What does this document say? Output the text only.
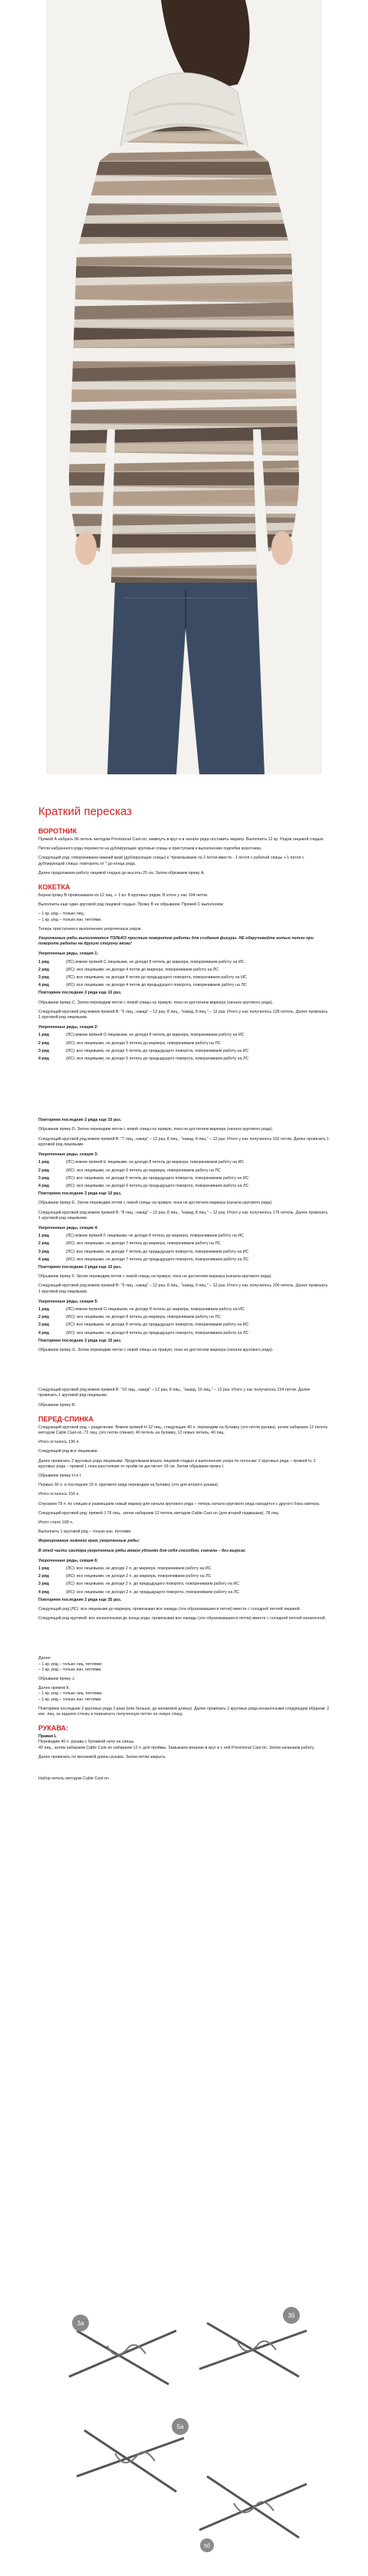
Краткий пересказ
ВОРОТНИК
Прямой А набрать 96 петель методом Provisional Cast-on, замкнуть в круг и в начале ряда поставить маркер. Выполнить 12 кр. Рядов лицевой гладью.
Петли набранного ряда перевести на дублирующие круговые спицы и приступаем к выполнению подгибки воротника.
Следующий ряд: отворачиваем нижний край (дублирующие спицы) к "провязываем по 2 петли вместе - 1 петля с рабочей спицы + 1 петля с дублирующей спицы: повторить от * до конца ряда.
Далее продолжаем работу лицевой гладью до высоты 25 см. Затем обрываем пряжу А.
КОКЕТКА
Берем пряжу В провязываем из 12 лиц. + 1 из. 8 круговых рядов. В итоге у нас 104 петли.
Выполнить еще один круговой ряд лицевой гладью. Пряжу В не обрываем. Пряжей С выполняем:
– 1 кр. ряд – только лиц.;
– 1 кр. ряд – только изн. петлями.
Теперь приступаем к выполнению укороченных рядов.
Укороченные ряды выполняются ТОЛЬКО простым поворотом работы для создания фигуры. НЕ обкручивайте нитью петли при повороте работы на другую сторону вязки!
Укороченные ряды, секция 1:
1 ряд	(ЛС) вяжем пряжей С лицевыми, не доходя 8 петель до маркера, поворачиваем работу на ИС.
2 ряд	(ИС): все лицевыми, не доходя 4 петли до маркера, поворачиваем работу на ЛС
3 ряд	(ЛС): все лицевыми, не доходя 4 петли до предыдущего поворота, поворачиваем работу на ИС
4 ряд	(ИС): все лицевыми, не доходя 4 петли до предыдущего поворота, поворачиваем работу на ЛС
Повторяем последние 2 ряда еще 10 раз.
Обрываем пряжу С. Затем переводим петли с левой спицы на правую, пока не достигнем маркера (начала кругового ряда).
Следующий круговой ряд вяжем пряжей В: "6 лиц., накид" – 12 раз, 8 лиц., "накид, 8 лиц." – 12 раз. Итого у нас получилось 128 петель. Далее провязать 1 круговой ряд лицевыми.
Укороченные ряды, секция 2:
1 ряд	(ЛС) вяжем пряжей D лицевыми, не доходя 8 петель до маркера, поворачиваем работу на ИС
2 ряд	(ИС): все лицевыми, не доходя 5 петель до маркера, поворачиваем работу на ЛС
3 ряд	(ЛС): все лицевыми, не доходя 5 петель до предыдущего поворота, поворачиваем работу на ИС
4 ряд	(ИС): все лицевыми, не доходя 5 петель до предыдущего поворота, поворачиваем работу на ЛС
Повторяем последние 2 ряда еще 10 раз.
Обрываем пряжу D. Затем переводим петли с левой спицы на правую, пока не достигнем маркера (начала кругового ряда).
Следующий круговой ряд вяжем пряжей В: "7 лиц., накид" – 12 раз, 8 лиц., "накид, 8 лиц." – 12 раз. Итого у нас получилось 152 петли. Далее провязать 1 круговой ряд лицевыми.
Укороченные ряды, секция 3:
1 ряд	(ЛС) вяжем пряжей Е лицевыми, не доходя 8 петель до маркера, поворачиваем работу на ИС
2 ряд	(ИС): все лицевыми, не доходя 6 петель до маркера, поворачиваем работу на ЛС
3 ряд	(ЛС): все лицевыми, не доходя 6 петель до предыдущего поворота, поворачиваем работу на ИС
4 ряд	(ИС): все лицевыми, не доходя 6 петель до предыдущего поворота, поворачиваем работу на ЛС
Повторяем последние 2 ряда еще 10 раз.
Обрываем пряжу Е. Затем переводим петли с левой спицы на правую, пока не достигнем маркера (начала кругового ряда).
Следующий круговой ряд вяжем пряжей В: "8 лиц., накид" – 12 раз, 8 лиц., "накид, 8 лиц." – 12 раз. Итого у нас получилось 176 петель. Далее провязать 1 круговой ряд лицевыми.
Укороченные ряды, секция 4:
1 ряд	(ЛС) вяжем пряжей F лицевыми, не доходя 8 петель до маркера, поворачиваем работу на ИС
2 ряд	(ИС): все лицевыми, не доходя 7 петель до маркера, поворачиваем работу на ЛС
3 ряд	(ЛС): все лицевыми, не доходя 7 петель до предыдущего поворота, поворачиваем работу на ИС
4 ряд	(ИС): все лицевыми, не доходя 7 петель до предыдущего поворота, поворачиваем работу на ЛС
Повторяем последние 2 ряда еще 10 раз.
Обрываем пряжу F. Затем переводим петли с левой спицы на правую, пока не достигнем маркера (начала кругового ряда).
Следующий круговой ряд вяжем пряжей В: "9 лиц., накид" – 12 раз, 8 лиц., "накид, 9 лиц." – 12 раз. Итого у нас получилось 200 петель. Далее провязать 1 круговой ряд лицевыми.
Укороченные ряды, секция 5:
1 ряд	(ЛС) вяжем пряжей G лицевыми, не доходя 8 петель до маркера, поворачиваем работу на ИС
2 ряд	(ИС): все лицевыми, не доходя 8 петель до маркера, поворачиваем работу на ЛС
3 ряд	(ЛС): все лицевыми, не доходя 8 петель до предыдущего поворота, поворачиваем работу на ИС
4 ряд	(ИС): все лицевыми, не доходя 8 петель до предыдущего поворота, поворачиваем работу на ЛС
Повторяем последние 2 ряда еще 10 раз.
Обрываем пряжу G. Затем переводим петли с левой спицы на правую, пока не достигнем маркера (начала кругового ряда).
Следующий круговой ряд вяжем пряжей В: "10 лиц., накид" – 12 раз, 8 лиц., "накид, 10 лиц." – 12 раз. Итого у нас получилось 224 петли. Далее провязать 1 круговой ряд лицевыми.
Обрываем пряжу В.
ПЕРЕД-СПИНКА
Следующий круговой ряд – разделение. Вяжем пряжей Н 32 лиц., следующие 40 п. переводим на булавку (это петли рукава), затем набираем 12 петель методом Cable Cast-on, 72 лиц. (это петли спинки), 40 петель на булавку, 12 новых петель, 40 лиц.
Итого осталось 196 п.
Следующий ряд все лицевыми.
Далее провязать 2 круговых ряда лицевыми. Продолжаем вязать лицевой гладью и выполнение узора по полосам: 2 круговых ряда – пряжей Н, 2 круговых ряда – пряжей I, пока расстояние от пройм не достигнет 16 см. Затем обрываем пряжу I.
Обрываем пряжу Н и I.
Первые 30 п. и последние 20 п. кругового ряда переводим на булавку (это для второго рукава).
Итого осталось 156 п.
Спускаем 78 п. по спицам и размещаем новый маркер для начала кругового ряда – теперь начало кругового ряда находится с другого бока свитера.
Следующий круговой ряд: пряжей J 78 лиц., затем набираем 12 петель методом Cable Cast-on (для второй подмышки), 78 лиц.
Итого стало 168 п.
Выполнить 1 круговой ряд – только изн. петлями.
Формирование нижнего края, укороченные ряды:
В этой части свитера укороченные ряды вяжем удлинён для себя способом, сначала – без выреза:
Укороченные ряды, секция 6:
1 ряд	(ЛС): все лицевыми, не доходя 2 п. до маркера, поворачиваем работу на ИС
2 ряд	(ИС): все лицевыми, не доходя 2 п. до маркера, поворачиваем работу на ЛС
3 ряд	(ЛС): все лицевыми, не доходя 2 п. до предыдущего поворота, поворачиваем работу на ИС
4 ряд	(ИС): все лицевыми, не доходя 2 п. до предыдущего поворота, поворачиваем работу на ЛС
Повторяем последние 2 ряда еще 35 раз.
Следующий ряд (ЛС): все лицевыми до маркера, провязывая все накиды (эти образовавшиеся петли) вместе с соседней петлей лицевой.
Следующий ряд круговой: все изнаночными до конца ряда, провязывая все накиды (эти образовавшиеся петли) вместе с соседней петлей изнаночной.
Далее:
– 1 кр. ряд – только лиц. петлями;
– 1 кр. ряд – только изн. петлями.
Обрываем пряжу J.
Далее пряжей К:
– 1 кр. ряд – только лиц. петлями;
– 1 кр. ряд – только изн. петлями.
Повторяем последние 2 круговых ряда 2 раза (или больше, до желаемой длины). Далее провязать 2 круговых ряда изнаночными следующим образом: 2 изн. лиц. за заднюю стенку и перекинуть полученную петлю на левую спицу.
РУКАВА:
Правая L
Переводим 40 п. рукава с булавкой нити на спицы.
40 лиц., затем набираем Cable Cast-on набираем 12 п. для проймы. Замыкаем вязание в круг и с ней Provisional Cast-on. Затем начинаем работу.
Далее провязать по желаемой длины рукава. Затем петли закрыть.
Набор петель методом Cable Cast-on
3a
3б
5a
5б
